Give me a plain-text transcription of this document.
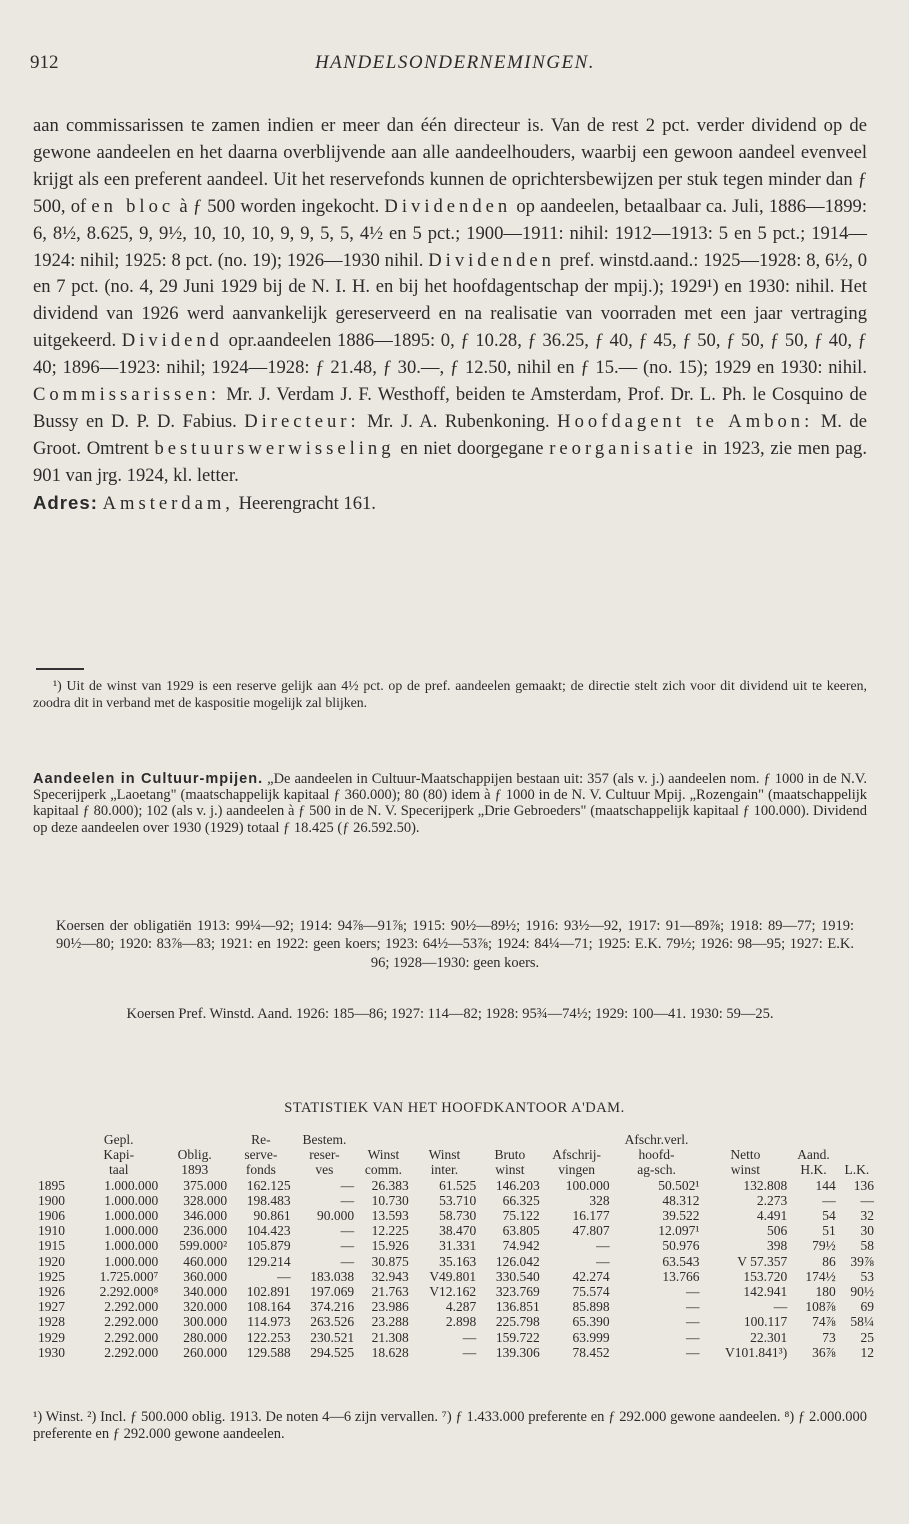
912	HANDELSONDERNEMINGEN.

aan commissarissen te zamen indien er meer dan één directeur is. Van de rest 2 pct. verder dividend op de gewone aandeelen en het daarna overblijvende aan alle aandeelhouders, waarbij een gewoon aandeel evenveel krijgt als een preferent aandeel. Uit het reservefonds kunnen de oprichtersbewijzen per stuk tegen minder dan ƒ 500, of en bloc à ƒ 500 worden ingekocht. Dividenden op aandeelen, betaalbaar ca. Juli, 1886—1899: 6, 8½, 8.625, 9, 9½, 10, 10, 10, 9, 9, 5, 5, 4½ en 5 pct.; 1900—1911: nihil: 1912—1913: 5 en 5 pct.; 1914—1924: nihil; 1925: 8 pct. (no. 19); 1926—1930 nihil. Dividenden pref. winstd.aand.: 1925—1928: 8, 6½, 0 en 7 pct. (no. 4, 29 Juni 1929 bij de N. I. H. en bij het hoofdagentschap der mpij.); 1929¹) en 1930: nihil. Het dividend van 1926 werd aanvankelijk gereserveerd en na realisatie van voorraden met een jaar vertraging uitgekeerd. Dividend opr.aandeelen 1886—1895: 0, ƒ 10.28, ƒ 36.25, ƒ 40, ƒ 45, ƒ 50, ƒ 50, ƒ 50, ƒ 40, ƒ 40; 1896—1923: nihil; 1924—1928: ƒ 21.48, ƒ 30.—, ƒ 12.50, nihil en ƒ 15.— (no. 15); 1929 en 1930: nihil. Commissarissen: Mr. J. Verdam J. F. Westhoff, beiden te Amsterdam, Prof. Dr. L. Ph. le Cosquino de Bussy en D. P. D. Fabius. Directeur: Mr. J. A. Rubenkoning. Hoofdagent te Ambon: M. de Groot. Omtrent bestuurswerwisseling en niet doorgegane reorganisatie in 1923, zie men pag. 901 van jrg. 1924, kl. letter.

Adres: Amsterdam, Heerengracht 161.

¹) Uit de winst van 1929 is een reserve gelijk aan 4½ pct. op de pref. aandeelen gemaakt; de directie stelt zich voor dit dividend uit te keeren, zoodra dit in verband met de kaspositie mogelijk zal blijken.

Aandeelen in Cultuur-mpijen. „De aandeelen in Cultuur-Maatschappijen bestaan uit: 357 (als v. j.) aandeelen nom. ƒ 1000 in de N.V. Specerijperk „Laoetang" (maatschappelijk kapitaal ƒ 360.000); 80 (80) idem à ƒ 1000 in de N. V. Cultuur Mpij. „Rozengain" (maatschappelijk kapitaal ƒ 80.000); 102 (als v. j.) aandeelen à ƒ 500 in de N. V. Specerijperk „Drie Gebroeders" (maatschappelijk kapitaal ƒ 100.000). Dividend op deze aandeelen over 1930 (1929) totaal ƒ 18.425 (ƒ 26.592.50).

Koersen der obligatiën 1913: 99¼—92; 1914: 94⅞—91⅞; 1915: 90½—89½; 1916: 93½—92, 1917: 91—89⅞; 1918: 89—77; 1919: 90½—80; 1920: 83⅞—83; 1921: en 1922: geen koers; 1923: 64½—53⅞; 1924: 84¼—71; 1925: E.K. 79½; 1926: 98—95; 1927: E.K. 96; 1928—1930: geen koers.

Koersen Pref. Winstd. Aand. 1926: 185—86; 1927: 114—82; 1928: 95¾—74½; 1929: 100—41. 1930: 59—25.

STATISTIEK VAN HET HOOFDKANTOOR A'DAM.
	Gepl.		Re-	Bestem.					Afschr.verl.			
	Kapi-	Oblig.	serve-	reser-	Winst	Winst	Bruto	Afschrij-	hoofd-	Netto	Aand.	
	taal	1893	fonds	ves	comm.	inter.	winst	vingen	ag-sch.	winst	H.K.	L.K.
1895	1.000.000	375.000	162.125	—	26.383	61.525	146.203	100.000	50.502¹	132.808	144	136
1900	1.000.000	328.000	198.483	—	10.730	53.710	66.325	328	48.312	2.273	—	—
1906	1.000.000	346.000	90.861	90.000	13.593	58.730	75.122	16.177	39.522	4.491	54	32
1910	1.000.000	236.000	104.423	—	12.225	38.470	63.805	47.807	12.097¹	506	51	30
1915	1.000.000	599.000²	105.879	—	15.926	31.331	74.942	—	50.976	398	79½	58
1920	1.000.000	460.000	129.214	—	30.875	35.163	126.042	—	63.543	V 57.357	86	39⅞
1925	1.725.000⁷	360.000	—	183.038	32.943	V49.801	330.540	42.274	13.766	153.720	174½	53
1926	2.292.000⁸	340.000	102.891	197.069	21.763	V12.162	323.769	75.574	—	142.941	180	90½
1927	2.292.000	320.000	108.164	374.216	23.986	4.287	136.851	85.898	—	—	108⅞	69
1928	2.292.000	300.000	114.973	263.526	23.288	2.898	225.798	65.390	—	100.117	74⅞	58¼
1929	2.292.000	280.000	122.253	230.521	21.308	—	159.722	63.999	—	22.301	73	25
1930	2.292.000	260.000	129.588	294.525	18.628	—	139.306	78.452	—	V101.841³)	36⅞	12

¹) Winst. ²) Incl. ƒ 500.000 oblig. 1913. De noten 4—6 zijn vervallen. ⁷) ƒ 1.433.000 preferente en ƒ 292.000 gewone aandeelen. ⁸) ƒ 2.000.000 preferente en ƒ 292.000 gewone aandeelen.
